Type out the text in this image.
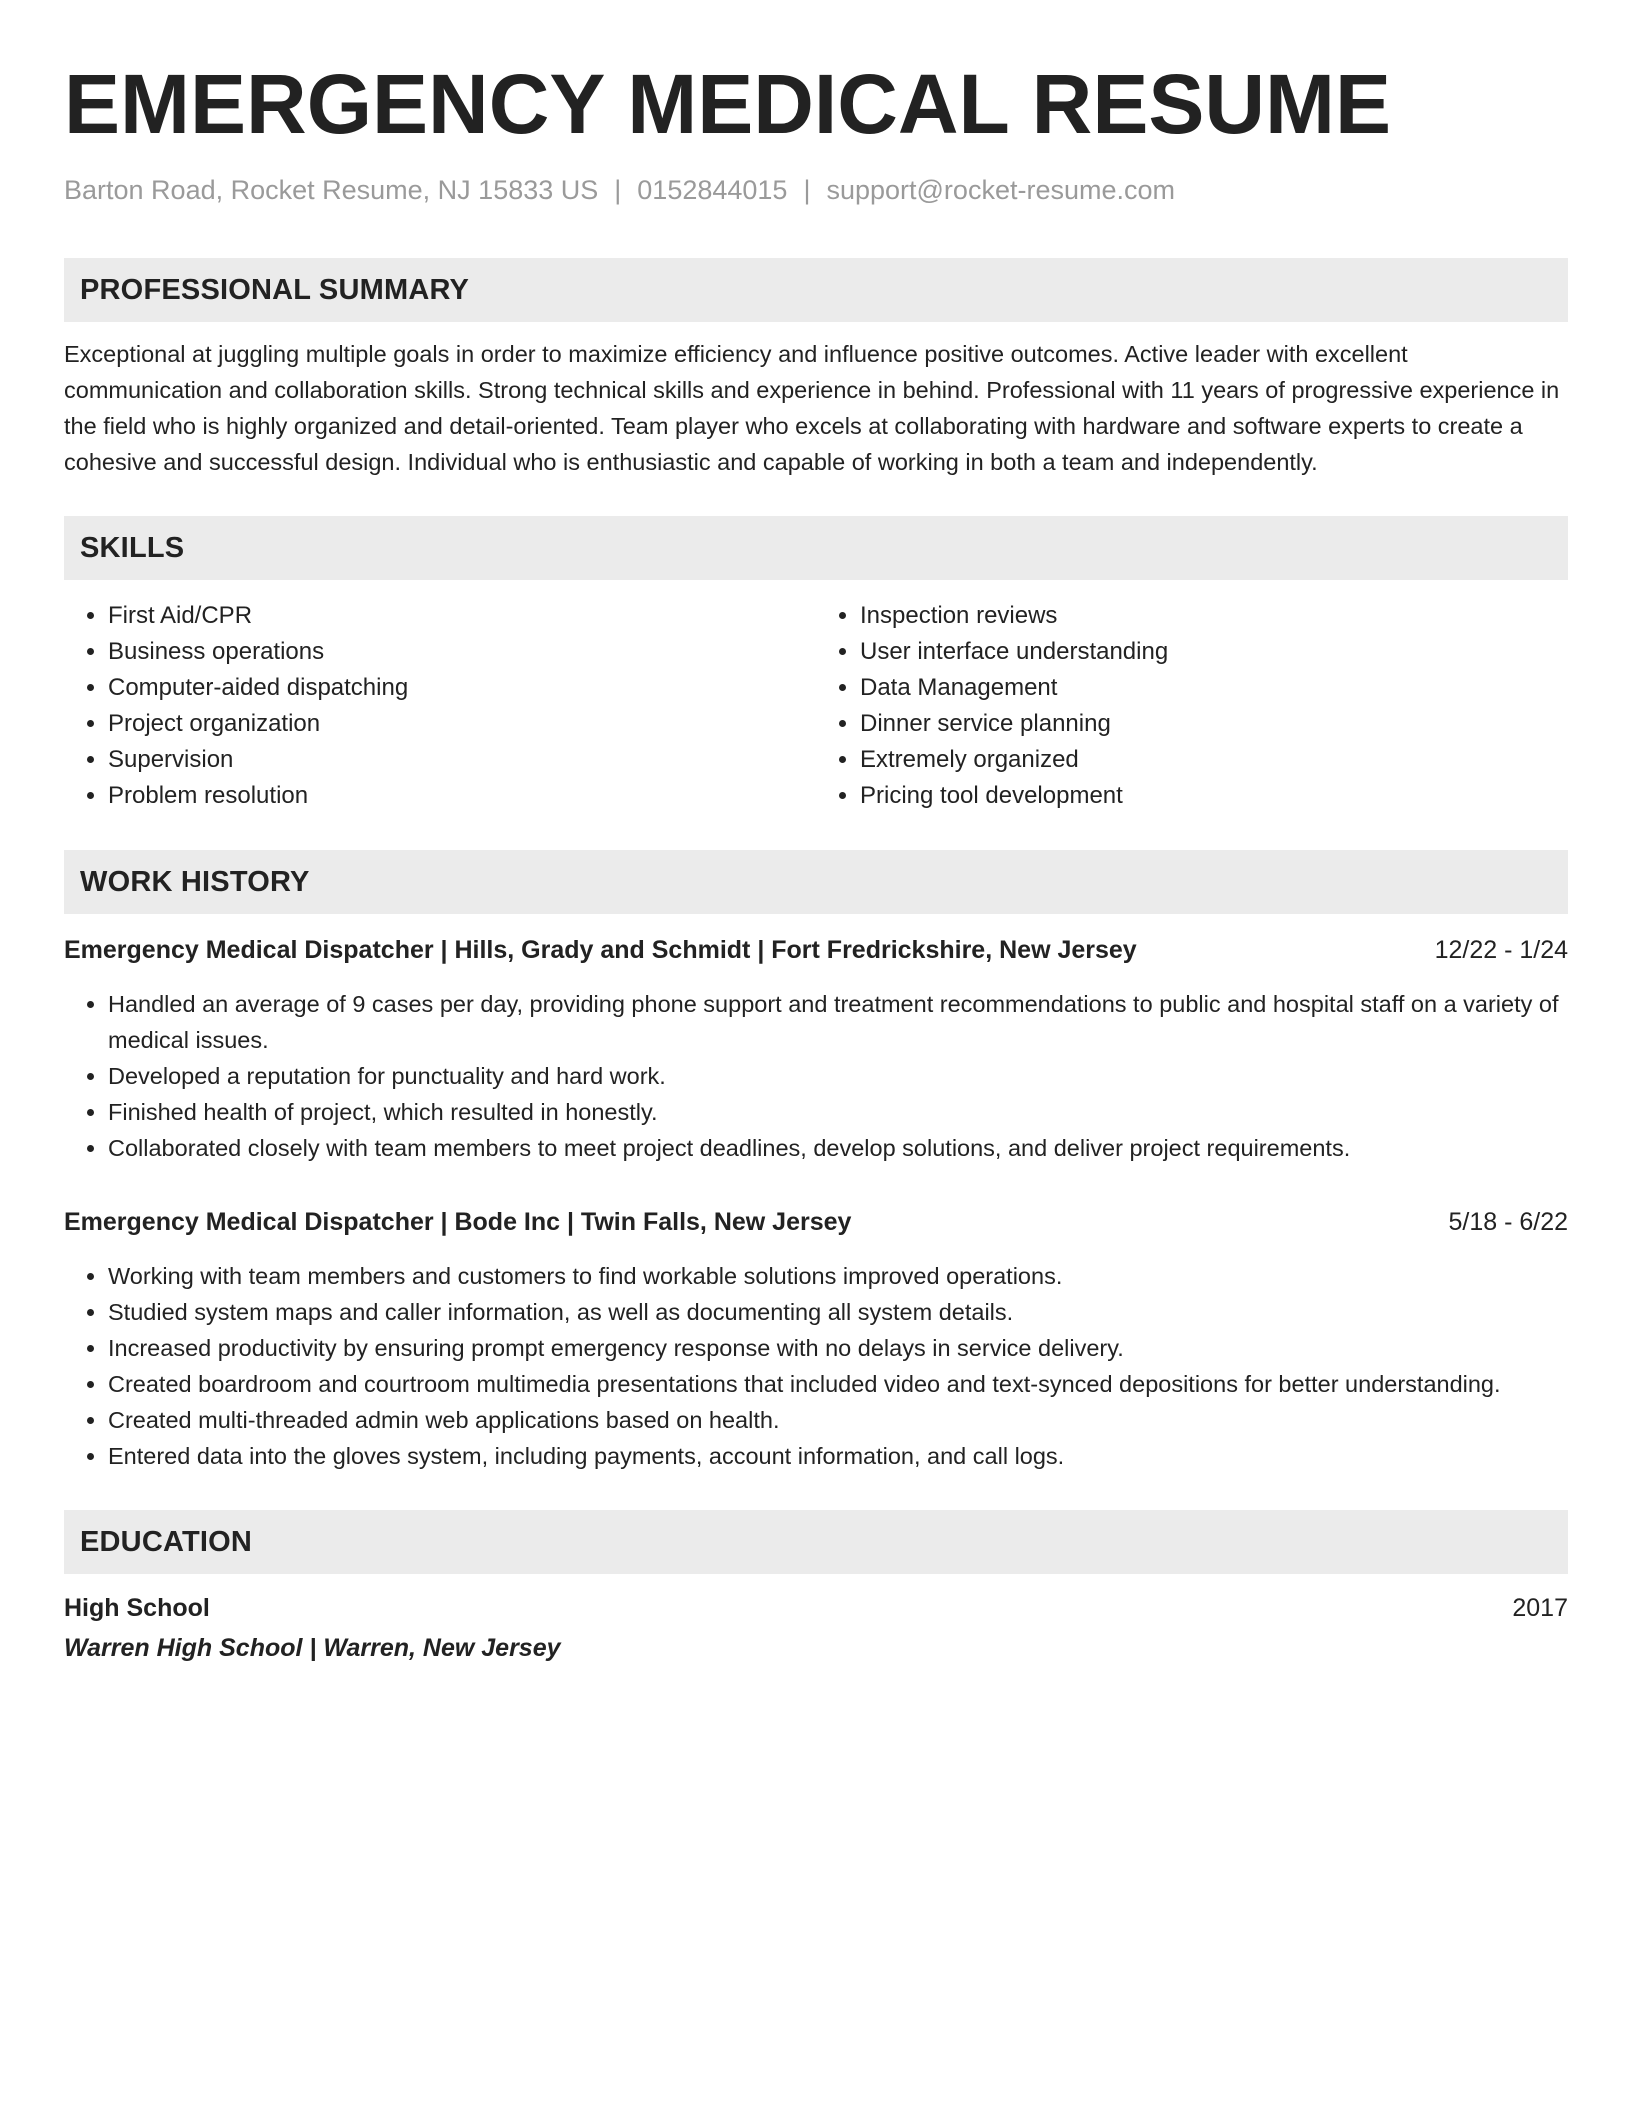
EMERGENCY MEDICAL RESUME
Barton Road, Rocket Resume, NJ 15833 US | 0152844015 | support@rocket-resume.com
PROFESSIONAL SUMMARY
Exceptional at juggling multiple goals in order to maximize efficiency and influence positive outcomes. Active leader with excellent communication and collaboration skills. Strong technical skills and experience in behind. Professional with 11 years of progressive experience in the field who is highly organized and detail-oriented. Team player who excels at collaborating with hardware and software experts to create a cohesive and successful design. Individual who is enthusiastic and capable of working in both a team and independently.
SKILLS
• First Aid/CPR
• Business operations
• Computer-aided dispatching
• Project organization
• Supervision
• Problem resolution
• Inspection reviews
• User interface understanding
• Data Management
• Dinner service planning
• Extremely organized
• Pricing tool development
WORK HISTORY
Emergency Medical Dispatcher | Hills, Grady and Schmidt | Fort Fredrickshire, New Jersey	12/22 - 1/24
• Handled an average of 9 cases per day, providing phone support and treatment recommendations to public and hospital staff on a variety of medical issues.
• Developed a reputation for punctuality and hard work.
• Finished health of project, which resulted in honestly.
• Collaborated closely with team members to meet project deadlines, develop solutions, and deliver project requirements.
Emergency Medical Dispatcher | Bode Inc | Twin Falls, New Jersey	5/18 - 6/22
• Working with team members and customers to find workable solutions improved operations.
• Studied system maps and caller information, as well as documenting all system details.
• Increased productivity by ensuring prompt emergency response with no delays in service delivery.
• Created boardroom and courtroom multimedia presentations that included video and text-synced depositions for better understanding.
• Created multi-threaded admin web applications based on health.
• Entered data into the gloves system, including payments, account information, and call logs.
EDUCATION
High School	2017
Warren High School | Warren, New Jersey
